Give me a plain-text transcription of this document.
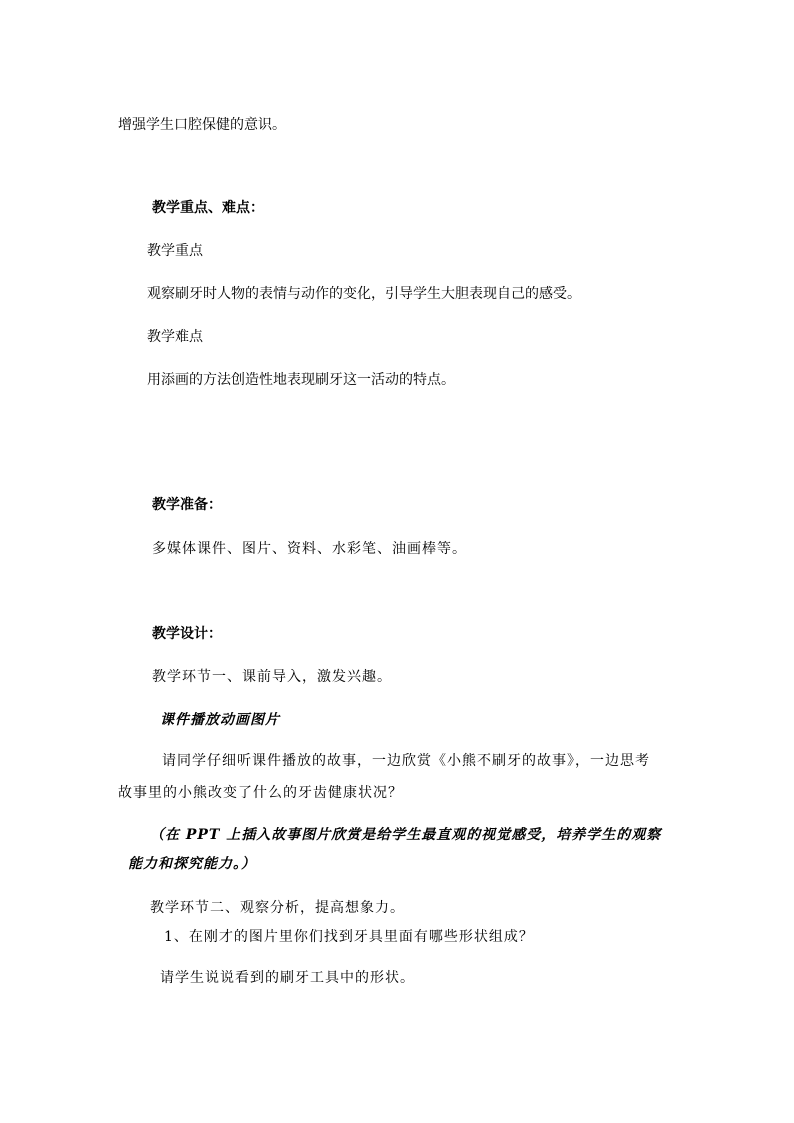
增强学生口腔保健的意识。
教学重点、难点：
教学重点
观察刷牙时人物的表情与动作的变化，引导学生大胆表现自己的感受。
教学难点
用添画的方法创造性地表现刷牙这一活动的特点。
教学准备：
多媒体课件、图片、资料、水彩笔、油画棒等。
教学设计：
教学环节一、课前导入，激发兴趣。
课件播放动画图片
请同学仔细听课件播放的故事，一边欣赏《小熊不刷牙的故事》，一边思考
故事里的小熊改变了什么的牙齿健康状况？
（在 PPT 上插入故事图片欣赏是给学生最直观的视觉感受，培养学生的观察
能力和探究能力。）
教学环节二、观察分析，提高想象力。
1、在刚才的图片里你们找到牙具里面有哪些形状组成？
请学生说说看到的刷牙工具中的形状。
